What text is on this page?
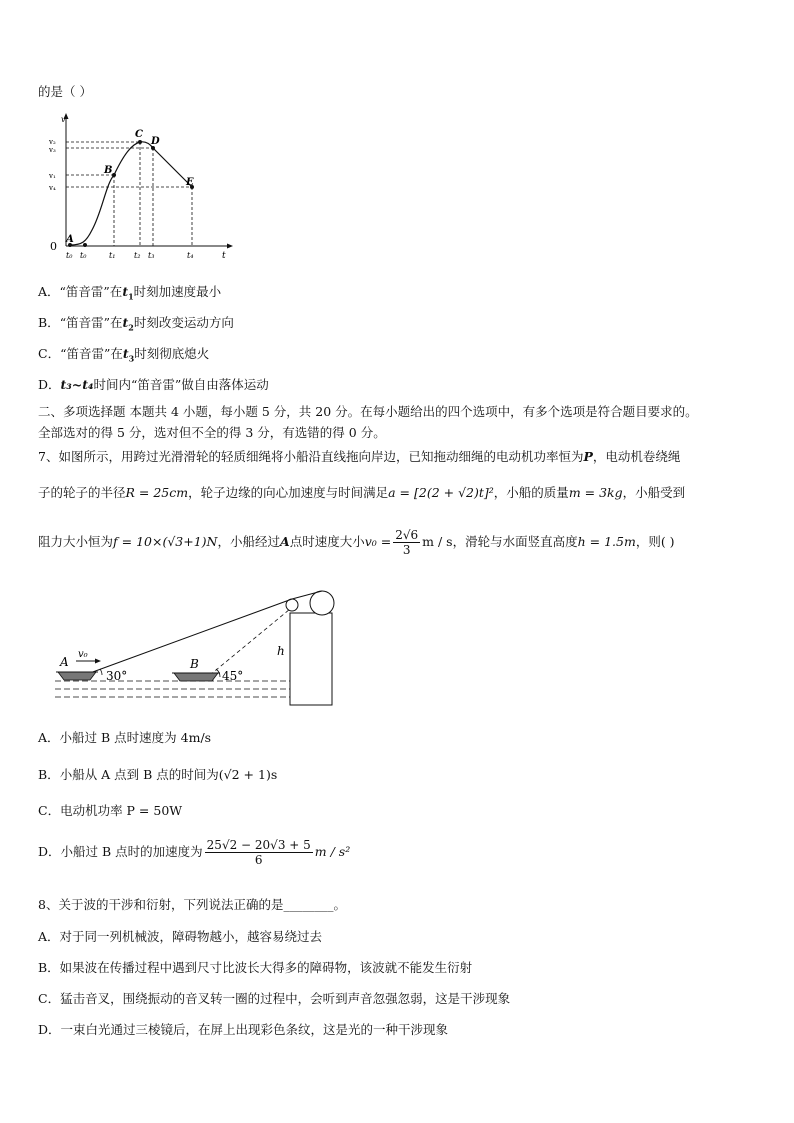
的是（ ）
v
t
0
v₂
v₃
v₁
v₄
t₀ t₀	t₁ t₂ t₃	t₄
A
B
C
D
E
A．“笛音雷”在$t_1$时刻加速度最小
B．“笛音雷”在$t_2$时刻改变运动方向
C．“笛音雷”在$t_3$时刻彻底熄火
D．t₃~t₄时间内“笛音雷”做自由落体运动
二、多项选择题 本题共 4 小题，每小题 5 分，共 20 分。在每小题给出的四个选项中，有多个选项是符合题目要求的。
全部选对的得 5 分，选对但不全的得 3 分，有选错的得 0 分。
7、如图所示，用跨过光滑滑轮的轻质细绳将小船沿直线拖向岸边，已知拖动细绳的电动机功率恒为P，电动机卷绕绳
子的轮子的半径R = 25cm，轮子边缘的向心加速度与时间满足a = [2(2 + √2)t]²，小船的质量m = 3kg，小船受到
阻力大小恒为f = 10×(√3+1)N，小船经过A点时速度大小$v_0 = \frac{2√6}{3}$ m / s，滑轮与水面竖直高度h = 1.5m，则( )
A
v₀
30°
B
45°
h
A．小船过 B 点时速度为 4m/s
B．小船从 A 点到 B 点的时间为(√2 + 1)s
C．电动机功率 P = 50W
D．小船过 B 点时的加速度为 $\frac{25√2 - 20√3 + 5}{6}$ m / s²
8、关于波的干涉和衍射，下列说法正确的是________。
A．对于同一列机械波，障碍物越小，越容易绕过去
B．如果波在传播过程中遇到尺寸比波长大得多的障碍物，该波就不能发生衍射
C．猛击音叉，围绕振动的音叉转一圈的过程中，会听到声音忽强忽弱，这是干涉现象
D．一束白光通过三棱镜后，在屏上出现彩色条纹，这是光的一种干涉现象
